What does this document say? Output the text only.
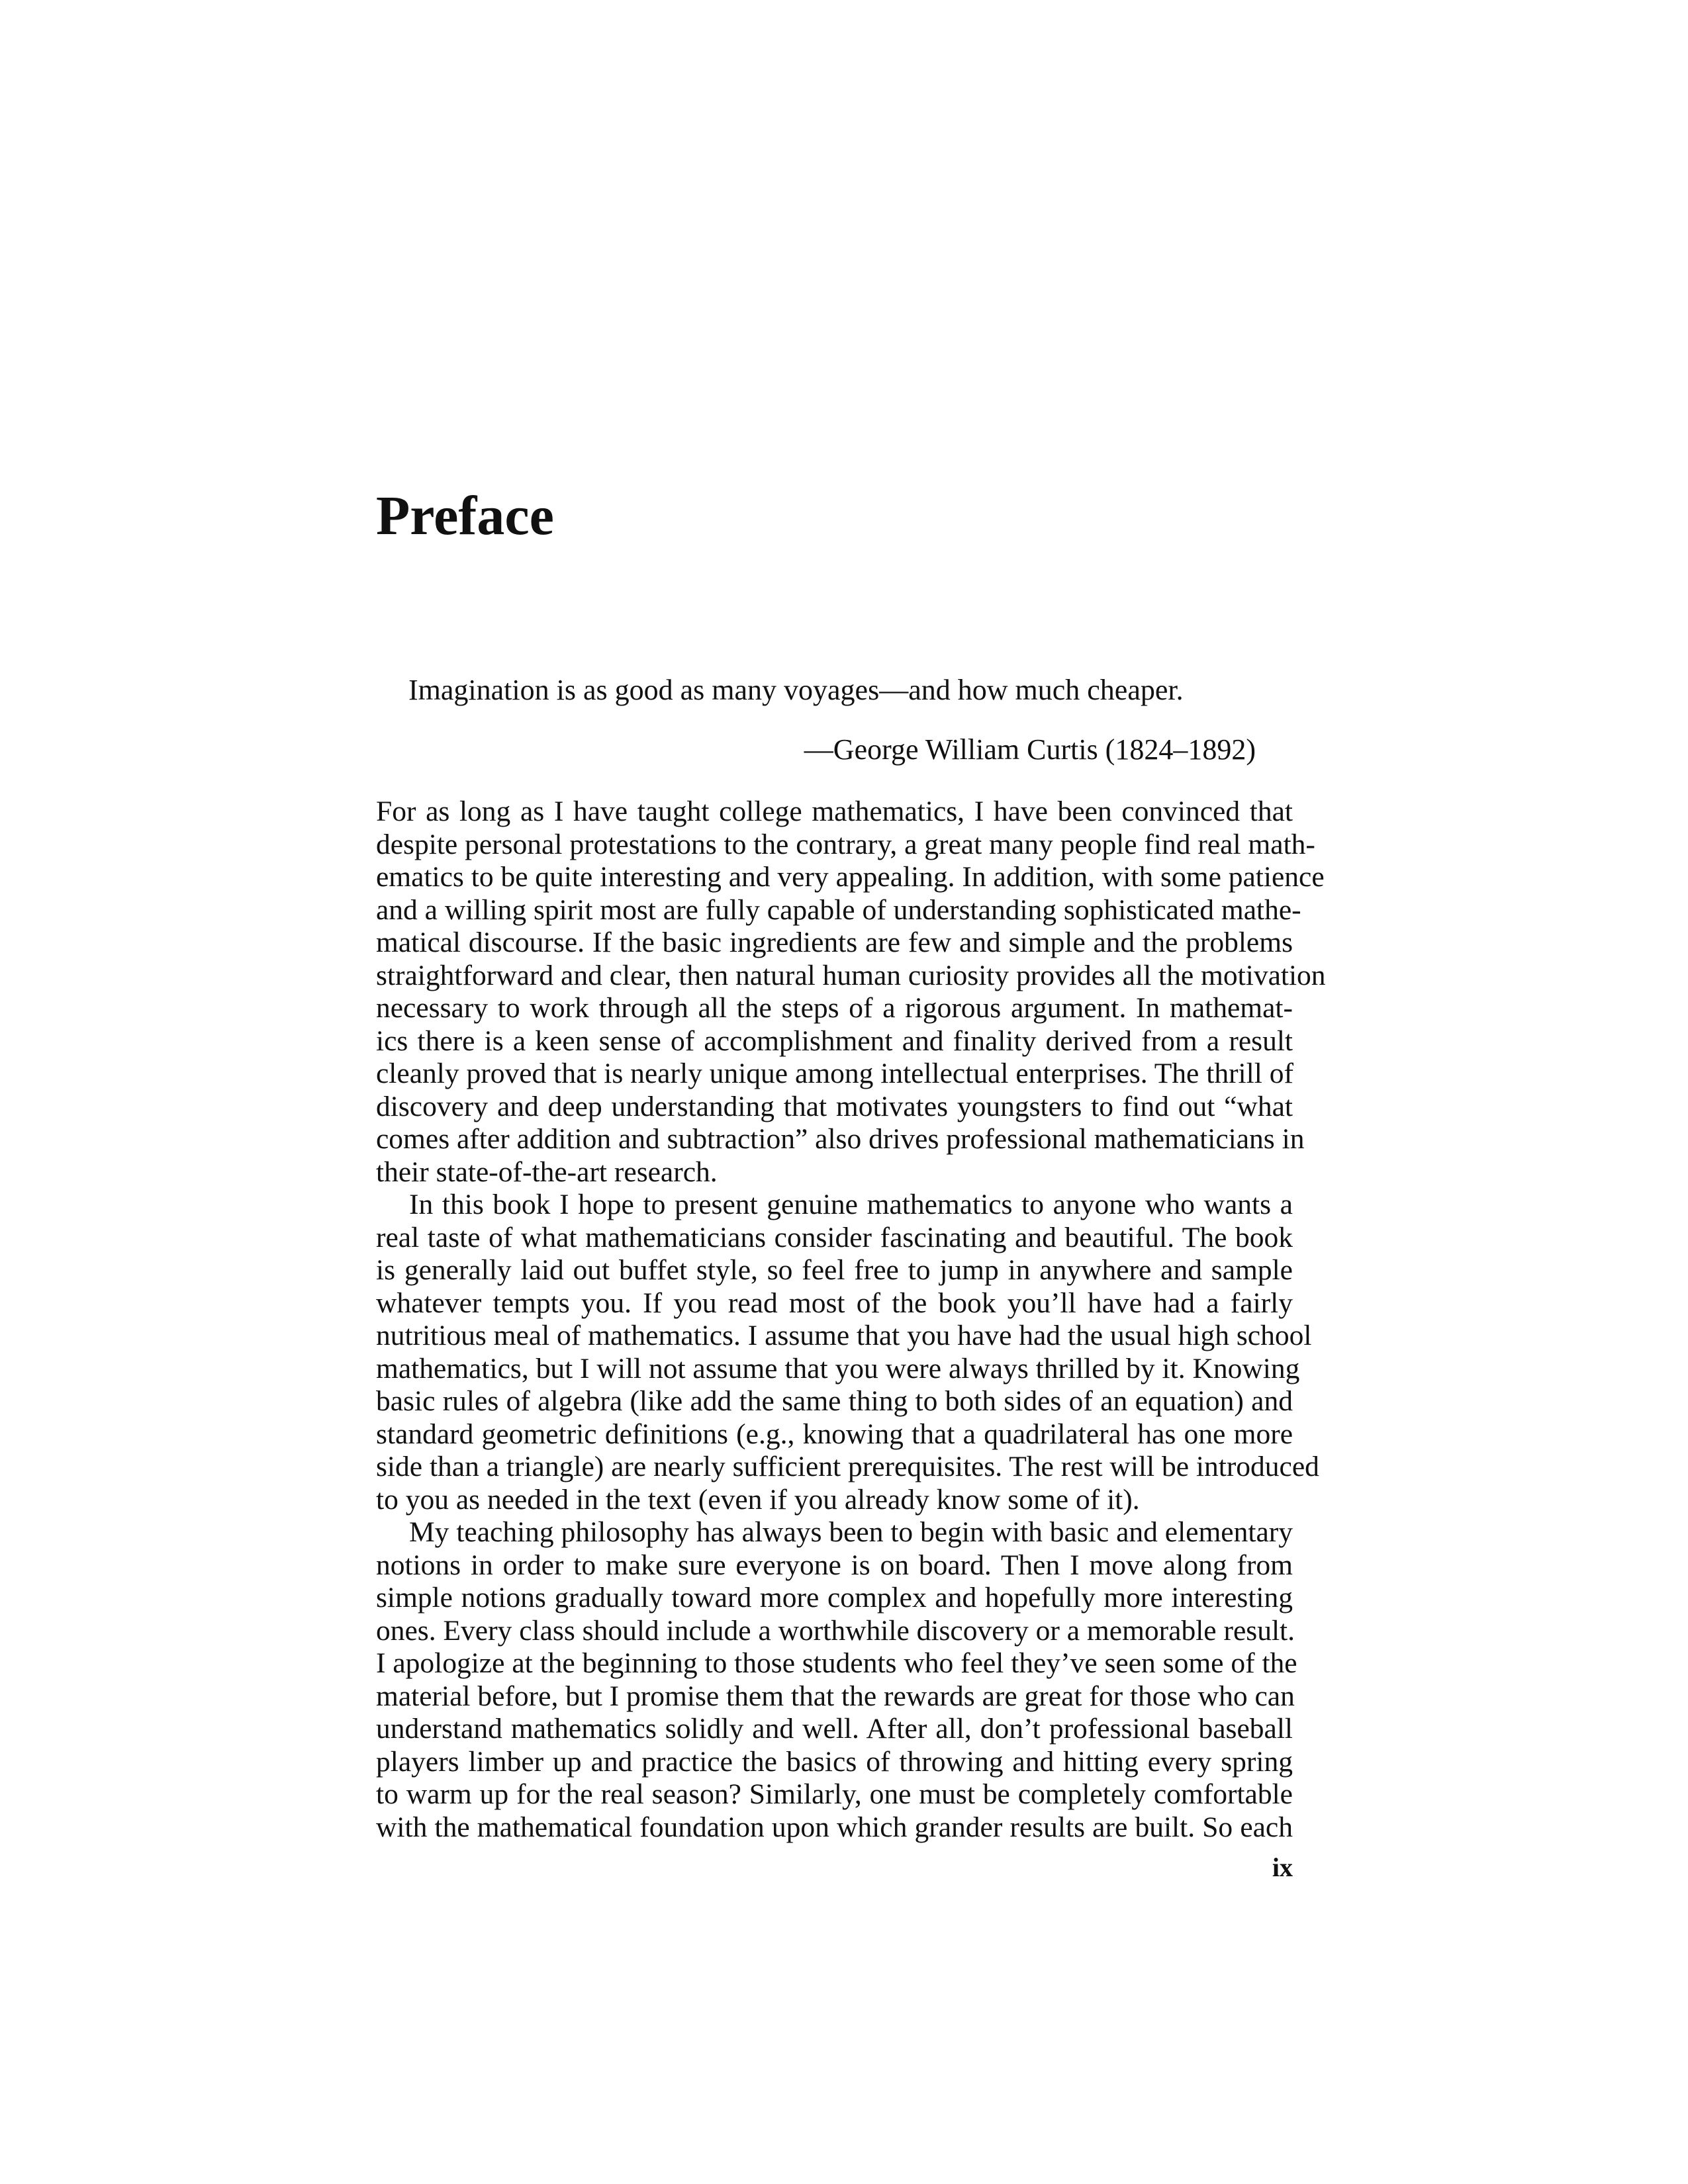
Preface

Imagination is as good as many voyages—and how much cheaper.

—George William Curtis (1824–1892)

For as long as I have taught college mathematics, I have been convinced that
despite personal protestations to the contrary, a great many people find real math-
ematics to be quite interesting and very appealing. In addition, with some patience
and a willing spirit most are fully capable of understanding sophisticated mathe-
matical discourse. If the basic ingredients are few and simple and the problems
straightforward and clear, then natural human curiosity provides all the motivation
necessary to work through all the steps of a rigorous argument. In mathemat-
ics there is a keen sense of accomplishment and finality derived from a result
cleanly proved that is nearly unique among intellectual enterprises. The thrill of
discovery and deep understanding that motivates youngsters to find out “what
comes after addition and subtraction” also drives professional mathematicians in
their state-of-the-art research.

In this book I hope to present genuine mathematics to anyone who wants a
real taste of what mathematicians consider fascinating and beautiful. The book
is generally laid out buffet style, so feel free to jump in anywhere and sample
whatever tempts you. If you read most of the book you’ll have had a fairly
nutritious meal of mathematics. I assume that you have had the usual high school
mathematics, but I will not assume that you were always thrilled by it. Knowing
basic rules of algebra (like add the same thing to both sides of an equation) and
standard geometric definitions (e.g., knowing that a quadrilateral has one more
side than a triangle) are nearly sufficient prerequisites. The rest will be introduced
to you as needed in the text (even if you already know some of it).

My teaching philosophy has always been to begin with basic and elementary
notions in order to make sure everyone is on board. Then I move along from
simple notions gradually toward more complex and hopefully more interesting
ones. Every class should include a worthwhile discovery or a memorable result.
I apologize at the beginning to those students who feel they’ve seen some of the
material before, but I promise them that the rewards are great for those who can
understand mathematics solidly and well. After all, don’t professional baseball
players limber up and practice the basics of throwing and hitting every spring
to warm up for the real season? Similarly, one must be completely comfortable
with the mathematical foundation upon which grander results are built. So each

ix
